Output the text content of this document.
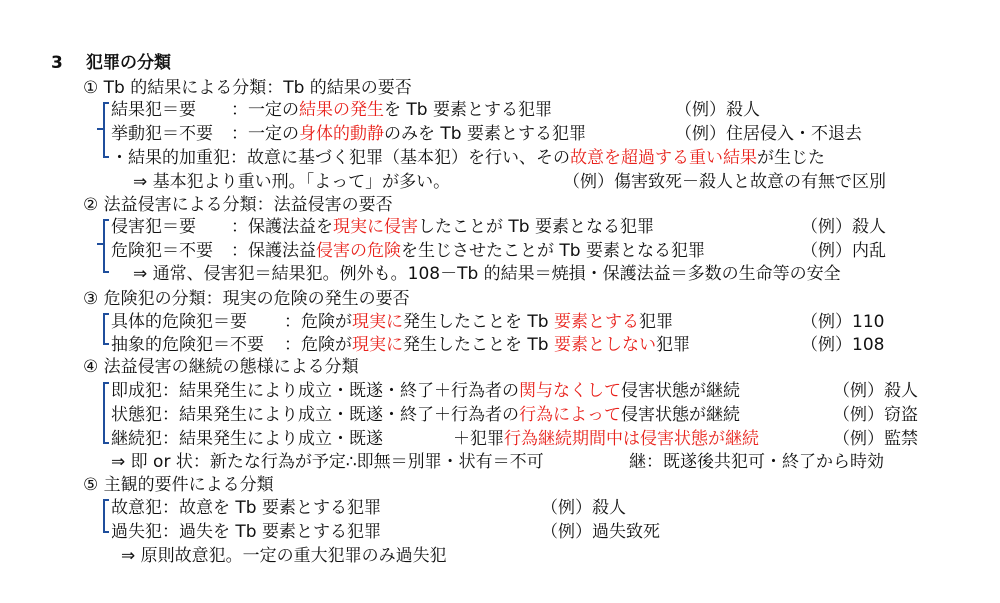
3 犯罪の分類
① Tb 的結果による分類：Tb 的結果の要否
結果犯＝要 ：一定の結果の発生を Tb 要素とする犯罪	（例）殺人
挙動犯＝不要 ：一定の身体的動静のみを Tb 要素とする犯罪	（例）住居侵入・不退去
・結果的加重犯：故意に基づく犯罪（基本犯）を行い、その故意を超過する重い結果が生じた
⇒ 基本犯より重い刑。「よって」が多い。	（例）傷害致死－殺人と故意の有無で区別
② 法益侵害による分類：法益侵害の要否
侵害犯＝要 ：保護法益を現実に侵害したことが Tb 要素となる犯罪	（例）殺人
危険犯＝不要 ：保護法益侵害の危険を生じさせたことが Tb 要素となる犯罪	（例）内乱
⇒ 通常、侵害犯＝結果犯。例外も。108－Tb 的結果＝焼損・保護法益＝多数の生命等の安全
③ 危険犯の分類：現実の危険の発生の要否
具体的危険犯＝要 ：危険が現実に発生したことを Tb 要素とする犯罪	（例）110
抽象的危険犯＝不要 ：危険が現実に発生したことを Tb 要素としない犯罪	（例）108
④ 法益侵害の継続の態様による分類
即成犯：結果発生により成立・既遂・終了＋行為者の関与なくして侵害状態が継続	（例）殺人
状態犯：結果発生により成立・既遂・終了＋行為者の行為によって侵害状態が継続	（例）窃盗
継続犯：結果発生により成立・既遂	＋犯罪行為継続期間中は侵害状態が継続	（例）監禁
⇒ 即 or 状：新たな行為が予定∴即無＝別罪・状有＝不可	継：既遂後共犯可・終了から時効
⑤ 主観的要件による分類
故意犯：故意を Tb 要素とする犯罪	（例）殺人
過失犯：過失を Tb 要素とする犯罪	（例）過失致死
⇒ 原則故意犯。一定の重大犯罪のみ過失犯
